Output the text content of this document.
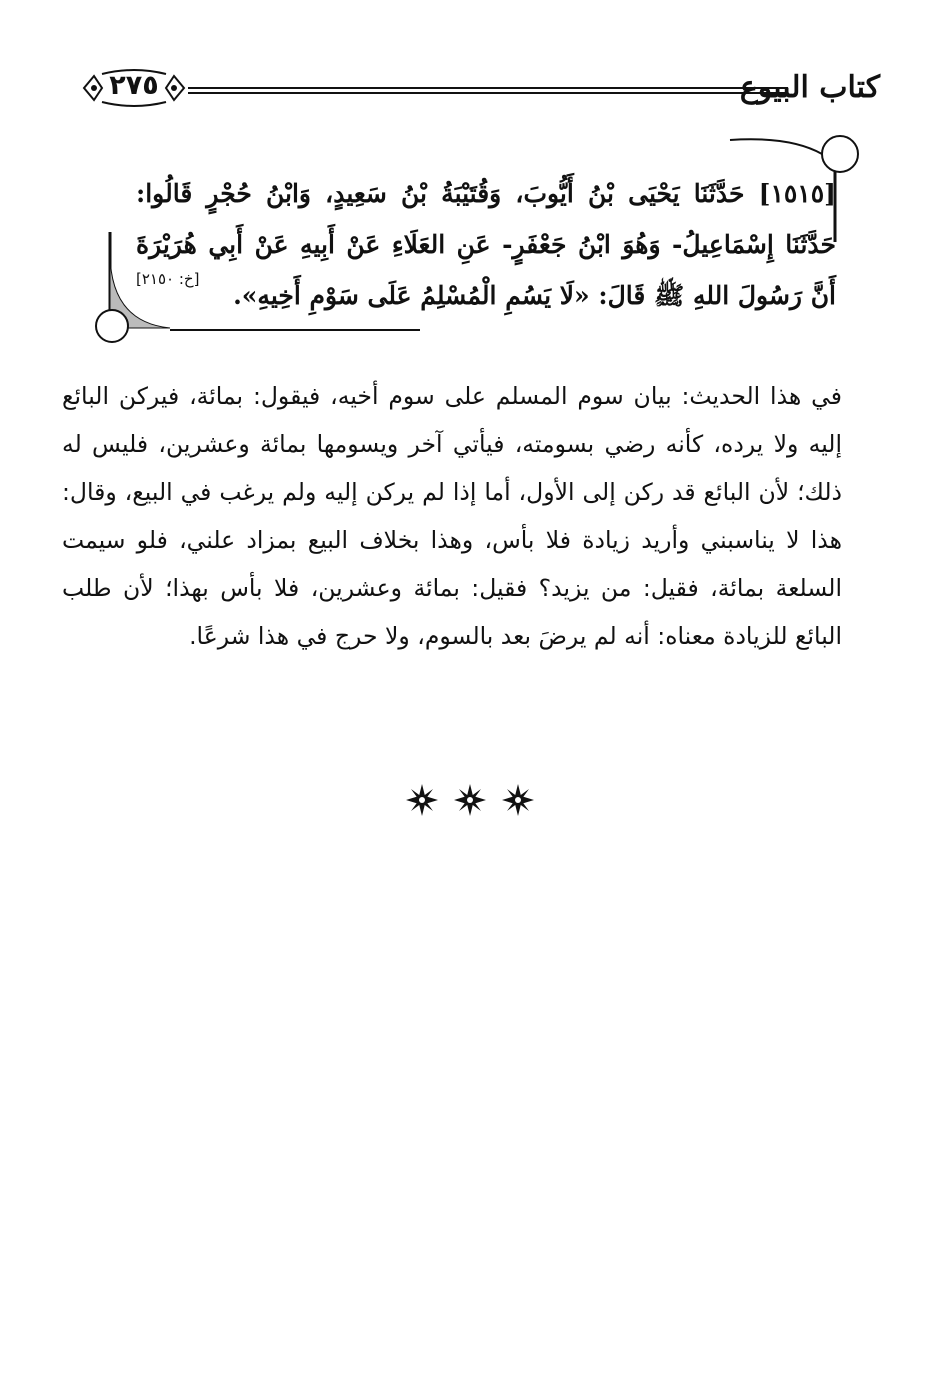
٢٧٥	كتاب البيوع
[١٥١٥] حَدَّثَنَا يَحْيَى بْنُ أَيُّوبَ، وَقُتَيْبَةُ بْنُ سَعِيدٍ، وَابْنُ حُجْرٍ قَالُوا: حَدَّثَنَا إِسْمَاعِيلُ- وَهُوَ ابْنُ جَعْفَرٍ- عَنِ العَلَاءِ عَنْ أَبِيهِ عَنْ أَبِي هُرَيْرَةَ أَنَّ رَسُولَ اللهِ ﷺ قَالَ: «لَا يَسُمِ الْمُسْلِمُ عَلَى سَوْمِ أَخِيهِ».
[خ: ٢١٥٠]
في هذا الحديث: بيان سوم المسلم على سوم أخيه، فيقول: بمائة، فيركن البائع إليه ولا يرده، كأنه رضي بسومته، فيأتي آخر ويسومها بمائة وعشرين، فليس له ذلك؛ لأن البائع قد ركن إلى الأول، أما إذا لم يركن إليه ولم يرغب في البيع، وقال: هذا لا يناسبني وأريد زيادة فلا بأس، وهذا بخلاف البيع بمزاد علني، فلو سيمت السلعة بمائة، فقيل: من يزيد؟ فقيل: بمائة وعشرين، فلا بأس بهذا؛ لأن طلب البائع للزيادة معناه: أنه لم يرضَ بعد بالسوم، ولا حرج في هذا شرعًا.
